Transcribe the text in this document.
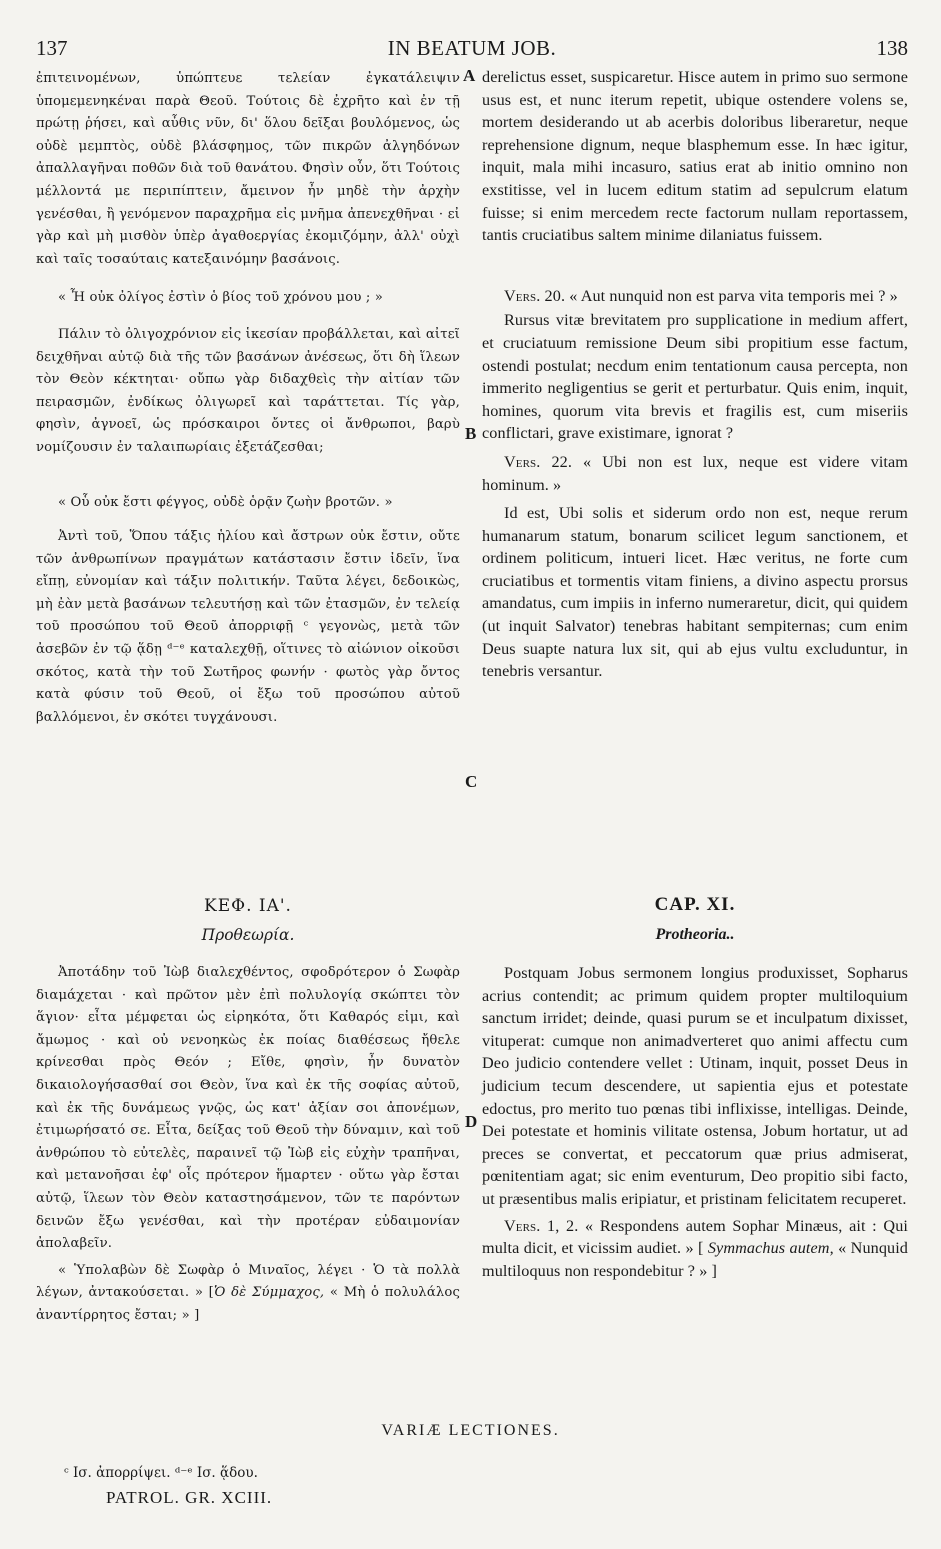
137	IN BEATUM JOB.	138

ἐπιτεινομένων, ὑπώπτευε τελείαν ἐγκατάλειψιν ὑπομεμενηκέναι παρὰ Θεοῦ. Τούτοις δὲ ἐχρῆτο καὶ ἐν τῇ πρώτῃ ῥήσει, καὶ αὖθις νῦν, δι' ὅλου δεῖξαι βουλόμενος, ὡς οὐδὲ μεμπτὸς, οὐδὲ βλάσφημος, τῶν πικρῶν ἀλγηδόνων ἀπαλλαγῆναι ποθῶν διὰ τοῦ θανάτου. Φησὶν οὖν, ὅτι Τούτοις μέλλοντά με περιπίπτειν, ἄμεινον ἦν μηδὲ τὴν ἀρχὴν γενέσθαι, ἢ γενόμενον παραχρῆμα εἰς μνῆμα ἀπενεχθῆναι · εἰ γὰρ καὶ μὴ μισθὸν ὑπὲρ ἀγαθοεργίας ἐκομιζόμην, ἀλλ' οὐχὶ καὶ ταῖς τοσαύταις κατεξαινόμην βασάνοις.

« Ἦ οὐκ ὀλίγος ἐστὶν ὁ βίος τοῦ χρόνου μου ; »

Πάλιν τὸ ὀλιγοχρόνιον εἰς ἱκεσίαν προβάλλεται, καὶ αἰτεῖ δειχθῆναι αὐτῷ διὰ τῆς τῶν βασάνων ἀνέσεως, ὅτι δὴ ἵλεων τὸν Θεὸν κέκτηται· οὔπω γὰρ διδαχθεὶς τὴν αἰτίαν τῶν πειρασμῶν, ἐνδίκως ὀλιγωρεῖ καὶ ταράττεται. Τίς γὰρ, φησὶν, ἀγνοεῖ, ὡς πρόσκαιροι ὄντες οἱ ἄνθρωποι, βαρὺ νομίζουσιν ἐν ταλαιπωρίαις ἐξετάζεσθαι;

« Οὗ οὐκ ἔστι φέγγος, οὐδὲ ὁρᾷν ζωὴν βροτῶν. »

Ἀντὶ τοῦ, Ὅπου τάξις ἡλίου καὶ ἄστρων οὐκ ἔστιν, οὔτε τῶν ἀνθρωπίνων πραγμάτων κατάστασιν ἔστιν ἰδεῖν, ἵνα εἴπῃ, εὐνομίαν καὶ τάξιν πολιτικήν. Ταῦτα λέγει, δεδοικὼς, μὴ ἐὰν μετὰ βασάνων τελευτήσῃ καὶ τῶν ἐτασμῶν, ἐν τελείᾳ τοῦ προσώπου τοῦ Θεοῦ ἀπορριφῇ ᶜ γεγονὼς, μετὰ τῶν ἀσεβῶν ἐν τῷ ᾅδῃ ᵈ⁻ᵉ καταλεχθῇ, οἵτινες τὸ αἰώνιον οἰκοῦσι σκότος, κατὰ τὴν τοῦ Σωτῆρος φωνήν · φωτὸς γὰρ ὄντος κατὰ φύσιν τοῦ Θεοῦ, οἱ ἔξω τοῦ προσώπου αὐτοῦ βαλλόμενοι, ἐν σκότει τυγχάνουσι.

derelictus esset, suspicaretur. Hisce autem in primo suo sermone usus est, et nunc iterum repetit, ubique ostendere volens se, mortem desiderando ut ab acerbis doloribus liberaretur, neque reprehensione dignum, neque blasphemum esse. In hæc igitur, inquit, mala mihi incasuro, satius erat ab initio omnino non exstitisse, vel in lucem editum statim ad sepulcrum elatum fuisse; si enim mercedem recte factorum nullam reportassem, tantis cruciatibus saltem minime dilaniatus fuissem.

Vers. 20. « Aut nunquid non est parva vita temporis mei ? »

Rursus vitæ brevitatem pro supplicatione in medium affert, et cruciatuum remissione Deum sibi propitium esse factum, ostendi postulat; necdum enim tentationum causa percepta, non immerito negligentius se gerit et perturbatur. Quis enim, inquit, homines, quorum vita brevis et fragilis est, cum miseriis conflictari, grave existimare, ignorat ?

Vers. 22. « Ubi non est lux, neque est videre vitam hominum. »

Id est, Ubi solis et siderum ordo non est, neque rerum humanarum statum, bonarum scilicet legum sanctionem, et ordinem politicum, intueri licet. Hæc veritus, ne forte cum cruciatibus et tormentis vitam finiens, a divino aspectu prorsus amandatus, cum impiis in inferno numeraretur, dicit, qui quidem (ut inquit Salvator) tenebras habitant sempiternas; cum enim Deus suapte natura lux sit, qui ab ejus vultu excluduntur, in tenebris versantur.

A
B
C
D
ΚΕΦ. ΙΑ'.
Προθεωρία.
CAP. XI.
Protheoria..

Ἀποτάδην τοῦ Ἰὼβ διαλεχθέντος, σφοδρότερον ὁ Σωφὰρ διαμάχεται · καὶ πρῶτον μὲν ἐπὶ πολυλογίᾳ σκώπτει τὸν ἅγιον· εἶτα μέμφεται ὡς εἰρηκότα, ὅτι Καθαρός εἰμι, καὶ ἄμωμος · καὶ οὐ νενοηκὼς ἐκ ποίας διαθέσεως ἤθελε κρίνεσθαι πρὸς Θεόν ; Εἴθε, φησὶν, ἦν δυνατὸν δικαιολογήσασθαί σοι Θεὸν, ἵνα καὶ ἐκ τῆς σοφίας αὐτοῦ, καὶ ἐκ τῆς δυνάμεως γνῷς, ὡς κατ' ἀξίαν σοι ἀπονέμων, ἐτιμωρήσατό σε. Εἶτα, δείξας τοῦ Θεοῦ τὴν δύναμιν, καὶ τοῦ ἀνθρώπου τὸ εὐτελὲς, παραινεῖ τῷ Ἰὼβ εἰς εὐχὴν τραπῆναι, καὶ μετανοῆσαι ἐφ' οἷς πρότερον ἥμαρτεν · οὕτω γὰρ ἔσται αὐτῷ, ἵλεων τὸν Θεὸν καταστησάμενον, τῶν τε παρόντων δεινῶν ἔξω γενέσθαι, καὶ τὴν προτέραν εὐδαιμονίαν ἀπολαβεῖν.

« Ὑπολαβὼν δὲ Σωφὰρ ὁ Μιναῖος, λέγει · Ὁ τὰ πολλὰ λέγων, ἀντακούσεται. » [Ὁ δὲ Σύμμαχος, « Μὴ ὁ πολυλάλος ἀναντίρρητος ἔσται; » ]

Postquam Jobus sermonem longius produxisset, Sopharus acrius contendit; ac primum quidem propter multiloquium sanctum irridet; deinde, quasi purum se et inculpatum dixisset, vituperat: cumque non animadverteret quo animi affectu cum Deo judicio contendere vellet : Utinam, inquit, posset Deus in judicium tecum descendere, ut sapientia ejus et potestate edoctus, pro merito tuo pœnas tibi inflixisse, intelligas. Deinde, Dei potestate et hominis vilitate ostensa, Jobum hortatur, ut ad preces se convertat, et peccatorum quæ prius admiserat, pœnitentiam agat; sic enim eventurum, Deo propitio sibi facto, ut præsentibus malis eripiatur, et pristinam felicitatem recuperet.

Vers. 1, 2. « Respondens autem Sophar Minæus, ait : Qui multa dicit, et vicissim audiet. » [ Symmachus autem, « Nunquid multiloquus non respondebitur ? » ]

VARIÆ LECTIONES.
ᶜ Ισ. ἀπορρίψει. ᵈ⁻ᵉ Ισ. ᾅδου.
PATROL. GR. XCIII.
